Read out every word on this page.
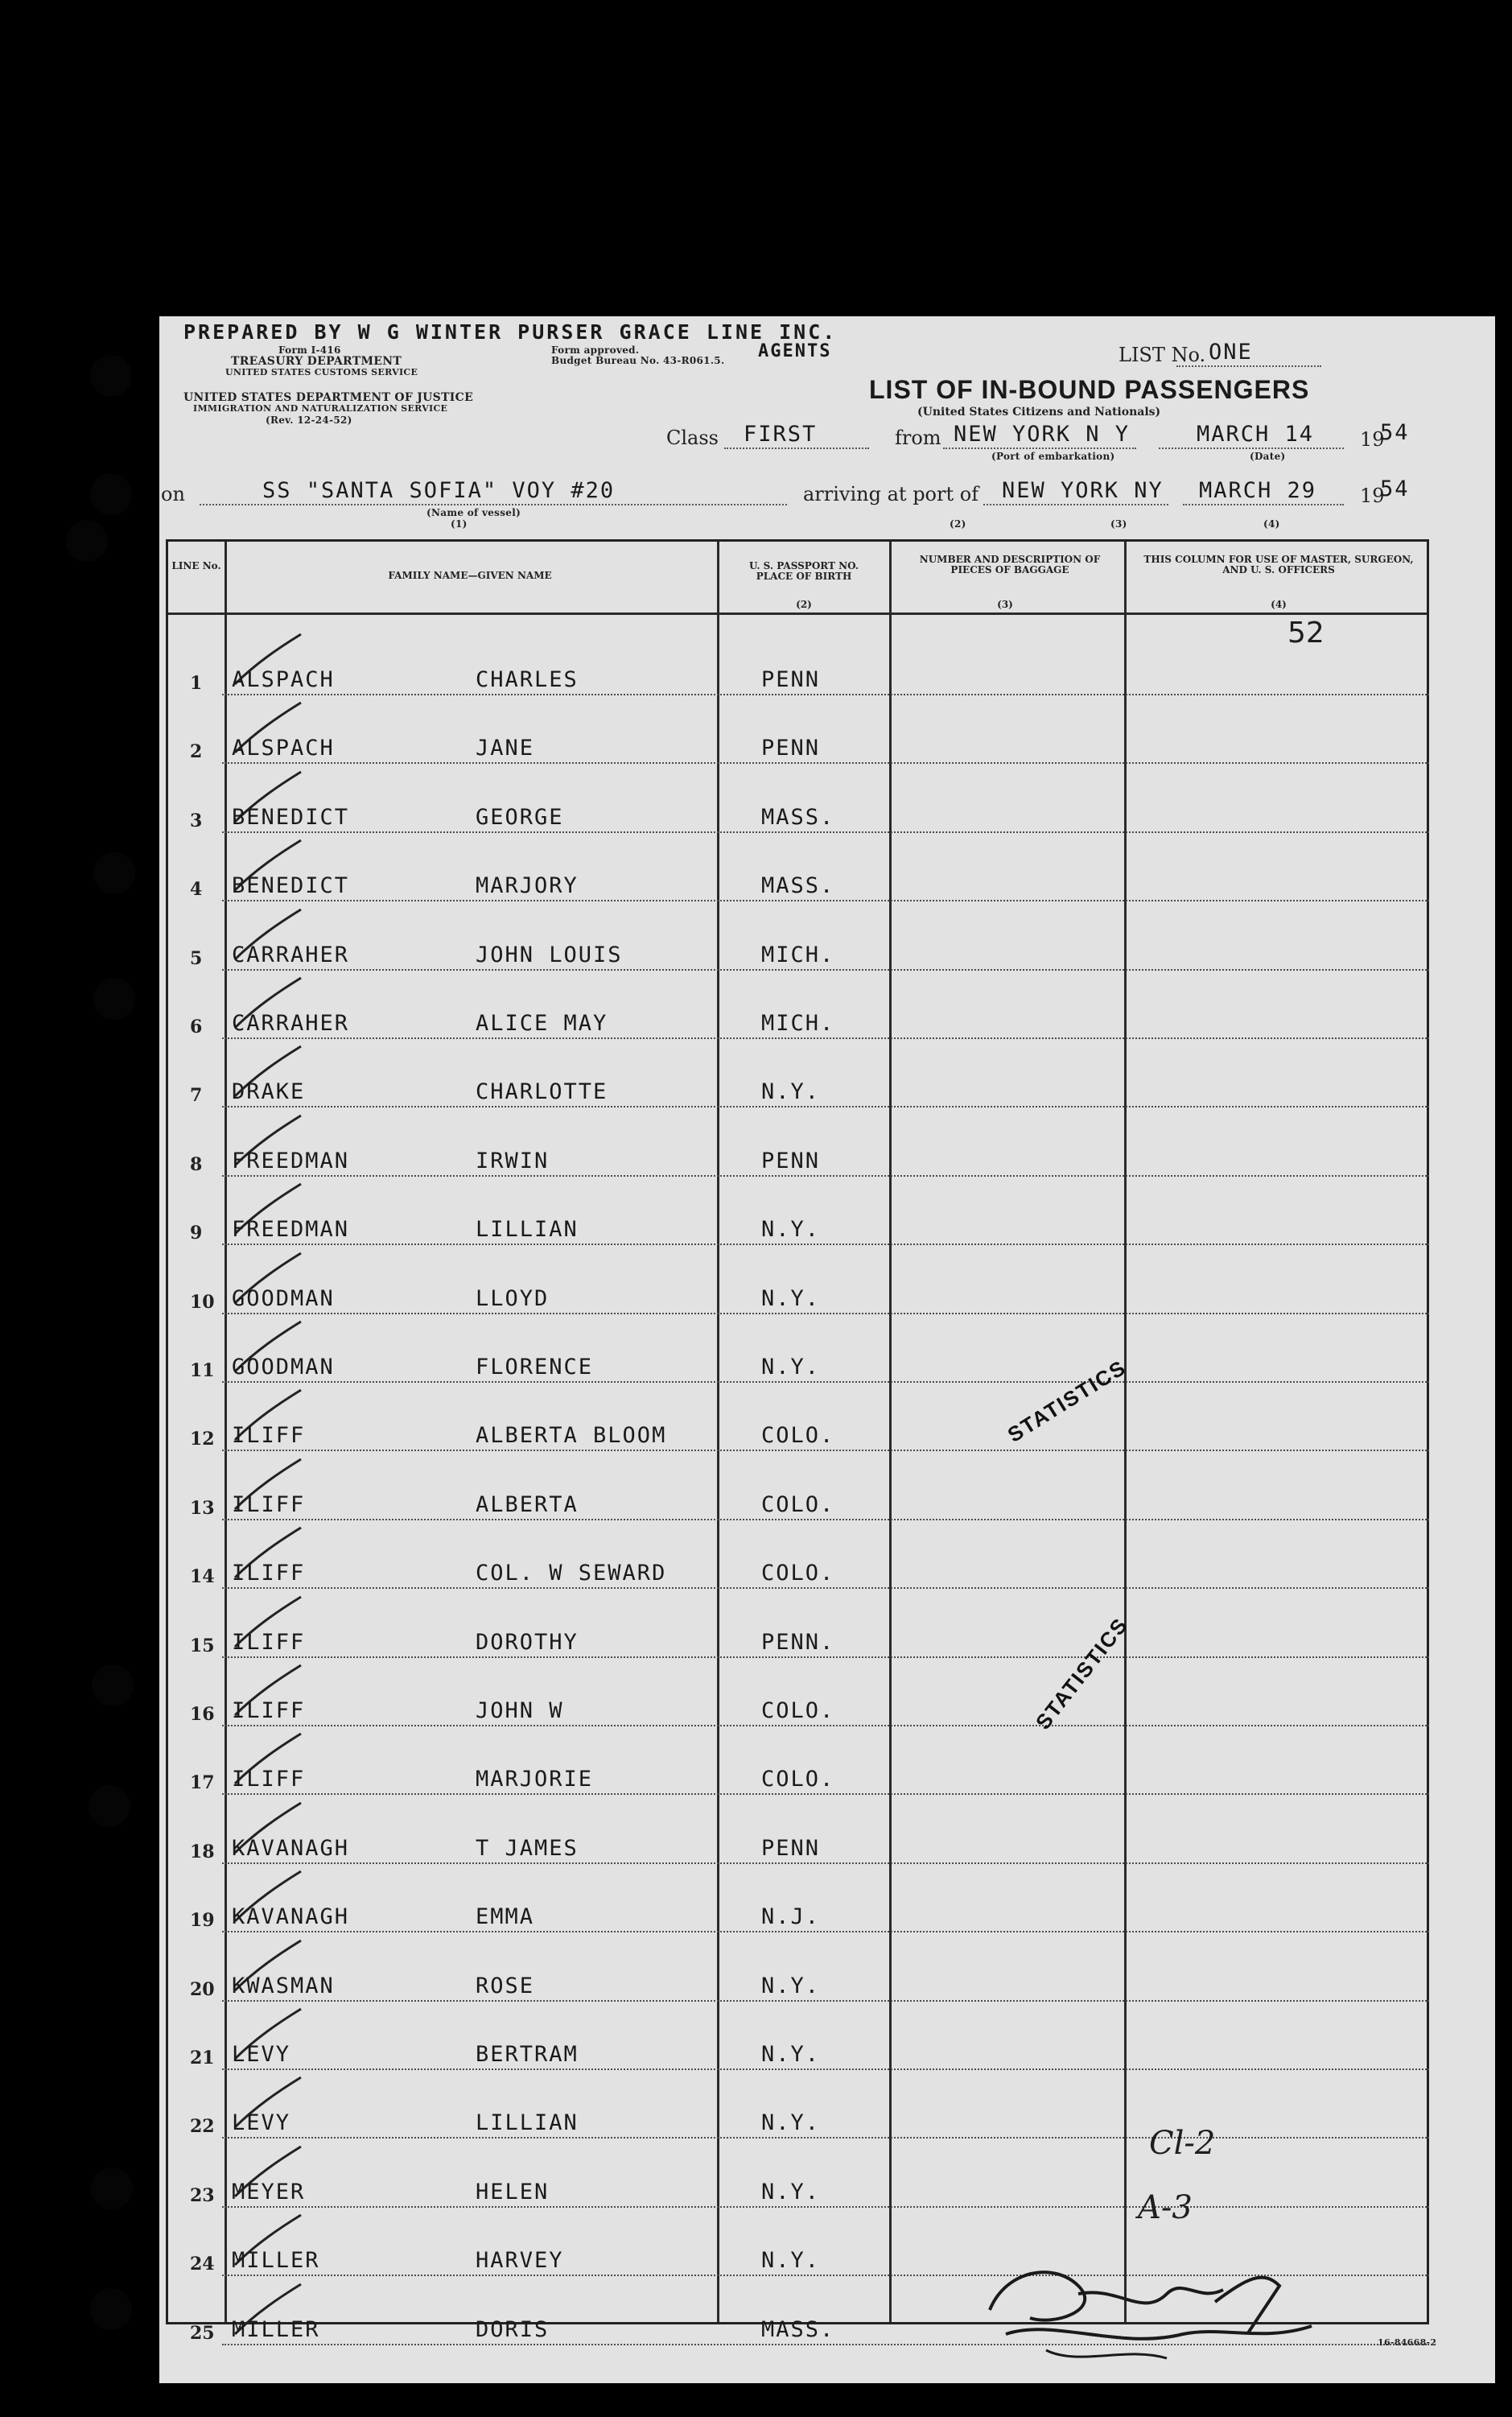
PREPARED BY W G WINTER PURSER GRACE LINE INC.
AGENTS
Form I-416
TREASURY DEPARTMENT
UNITED STATES CUSTOMS SERVICE
Form approved.
Budget Bureau No. 43-R061.5.
UNITED STATES DEPARTMENT OF JUSTICE
IMMIGRATION AND NATURALIZATION SERVICE
(Rev. 12-24-52)
LIST No. ONE
LIST OF IN-BOUND PASSENGERS
(United States Citizens and Nationals)
Class FIRST	from NEW YORK N Y
(Port of embarkation)
MARCH 14
(Date)
19
54
on	SS "SANTA SOFIA" VOY #20
(Name of vessel)
(1)
arriving at port of NEW YORK NY MARCH 29 19
54
(2)	(3)	(4)
LINE No.
FAMILY NAME—GIVEN NAME
U. S. PASSPORT NO. PLACE OF BIRTH
NUMBER AND DESCRIPTION OF PIECES OF BAGGAGE
THIS COLUMN FOR USE OF MASTER, SURGEON, AND U. S. OFFICERS
(2)	(3)	(4)
1 ALSPACH	CHARLES	PENN
2 ALSPACH	JANE	PENN
3 BENEDICT	GEORGE	MASS.
4 BENEDICT	MARJORY	MASS.
5 CARRAHER	JOHN LOUIS	MICH.
6 CARRAHER	ALICE MAY	MICH.
7 DRAKE	CHARLOTTE	N.Y.
8 FREEDMAN	IRWIN	PENN
9 FREEDMAN	LILLIAN	N.Y.
10 GOODMAN	LLOYD	N.Y.
11 GOODMAN	FLORENCE	N.Y.
12 ILIFF	ALBERTA BLOOM	COLO.
13 ILIFF	ALBERTA	COLO.
14 ILIFF	COL. W SEWARD	COLO.
15 ILIFF	DOROTHY	PENN.
16 ILIFF	JOHN W	COLO.
17 ILIFF	MARJORIE	COLO.
18 KAVANAGH	T JAMES	PENN
19 KAVANAGH	EMMA	N.J.
20 KWASMAN	ROSE	N.Y.
21 LEVY	BERTRAM	N.Y.
22 LEVY	LILLIAN	N.Y.
23 MEYER	HELEN	N.Y.
24 MILLER	HARVEY	N.Y.
25 MILLER	DORIS	MASS.
52
STATISTICS
STATISTICS
Cl-2
A-3
16-84668-2
